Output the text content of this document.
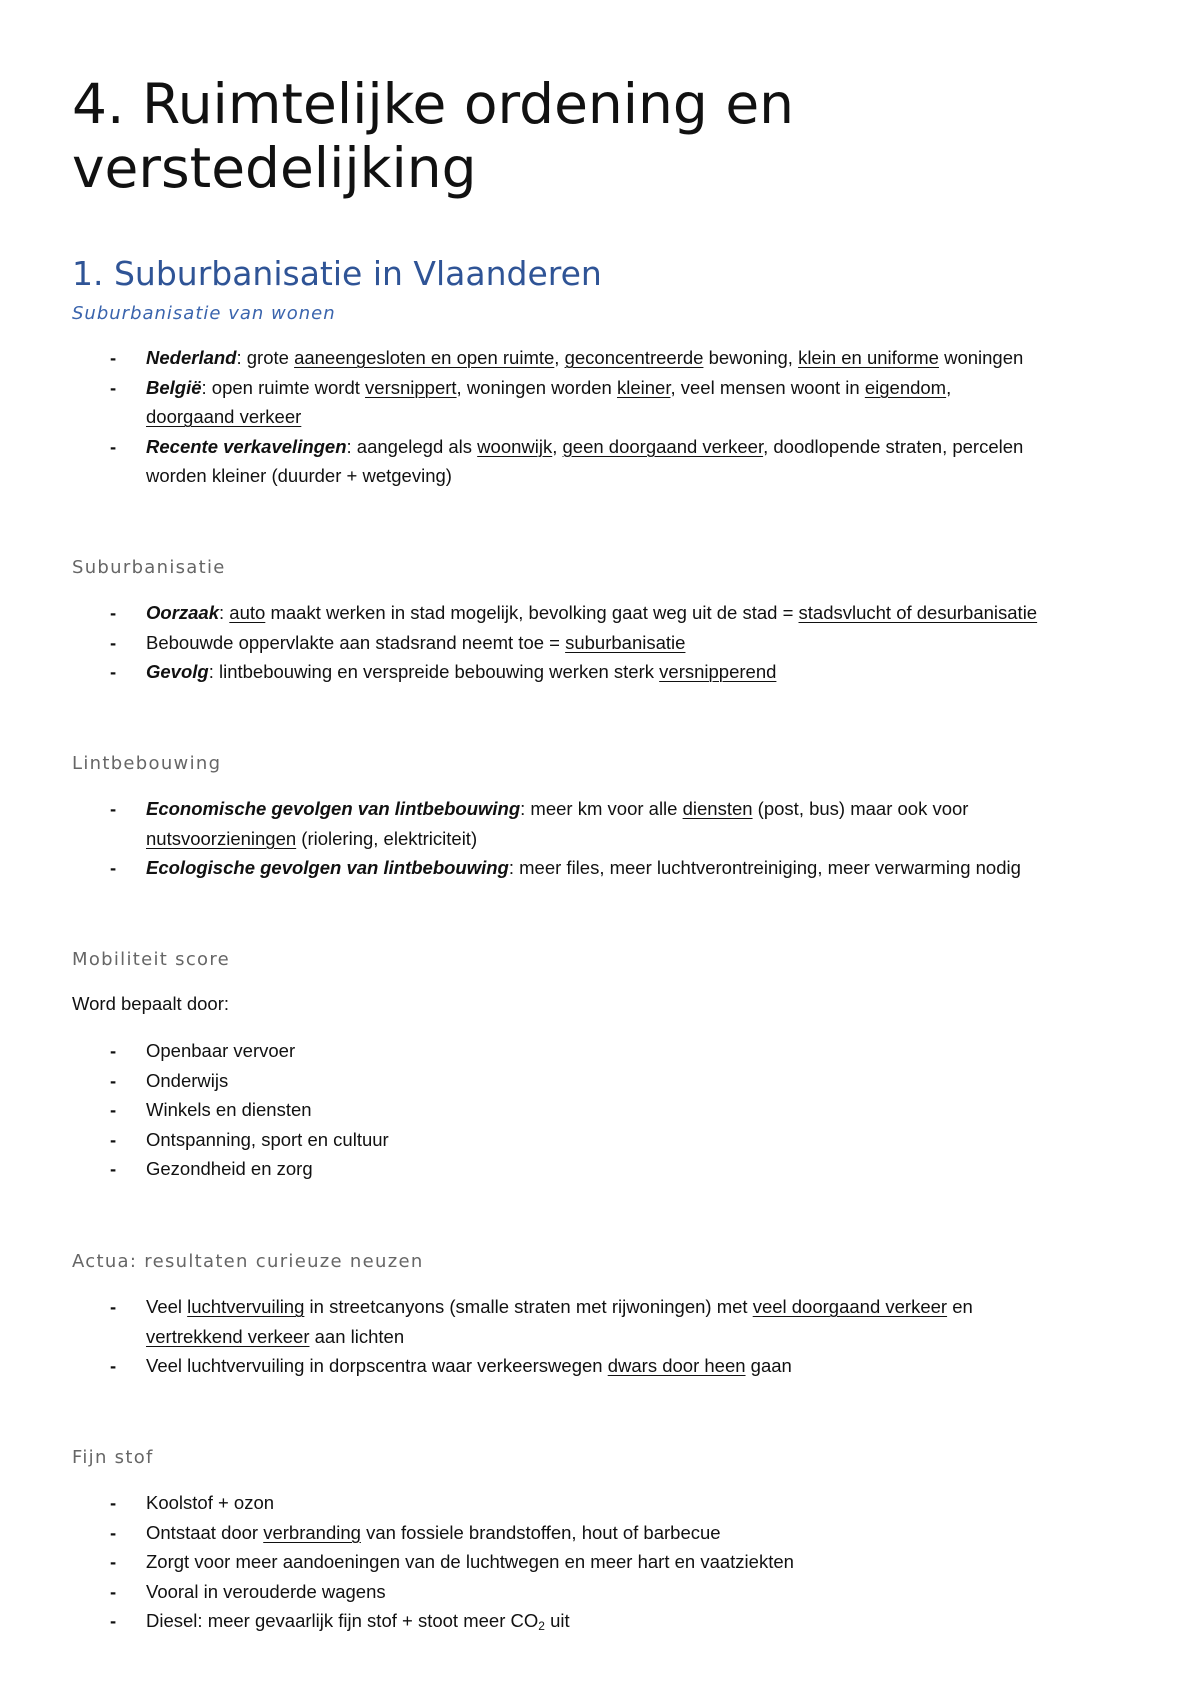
4. Ruimtelijke ordening en
verstedelijking
1. Suburbanisatie in Vlaanderen
Suburbanisatie van wonen
- Nederland: grote aaneengesloten en open ruimte, geconcentreerde bewoning, klein en uniforme woningen
- België: open ruimte wordt versnippert, woningen worden kleiner, veel mensen woont in eigendom,
doorgaand verkeer
- Recente verkavelingen: aangelegd als woonwijk, geen doorgaand verkeer, doodlopende straten, percelen
worden kleiner (duurder + wetgeving)
Suburbanisatie
- Oorzaak: auto maakt werken in stad mogelijk, bevolking gaat weg uit de stad = stadsvlucht of desurbanisatie
- Bebouwde oppervlakte aan stadsrand neemt toe = suburbanisatie
- Gevolg: lintbebouwing en verspreide bebouwing werken sterk versnipperend
Lintbebouwing
- Economische gevolgen van lintbebouwing: meer km voor alle diensten (post, bus) maar ook voor
nutsvoorzieningen (riolering, elektriciteit)
- Ecologische gevolgen van lintbebouwing: meer files, meer luchtverontreiniging, meer verwarming nodig
Mobiliteit score

Word bepaalt door:

- Openbaar vervoer
- Onderwijs
- Winkels en diensten
- Ontspanning, sport en cultuur
- Gezondheid en zorg
Actua: resultaten curieuze neuzen
- Veel luchtvervuiling in streetcanyons (smalle straten met rijwoningen) met veel doorgaand verkeer en
vertrekkend verkeer aan lichten
- Veel luchtvervuiling in dorpscentra waar verkeerswegen dwars door heen gaan
Fijn stof
- Koolstof + ozon
- Ontstaat door verbranding van fossiele brandstoffen, hout of barbecue
- Zorgt voor meer aandoeningen van de luchtwegen en meer hart en vaatziekten
- Vooral in verouderde wagens
- Diesel: meer gevaarlijk fijn stof + stoot meer $CO_2$ uit
